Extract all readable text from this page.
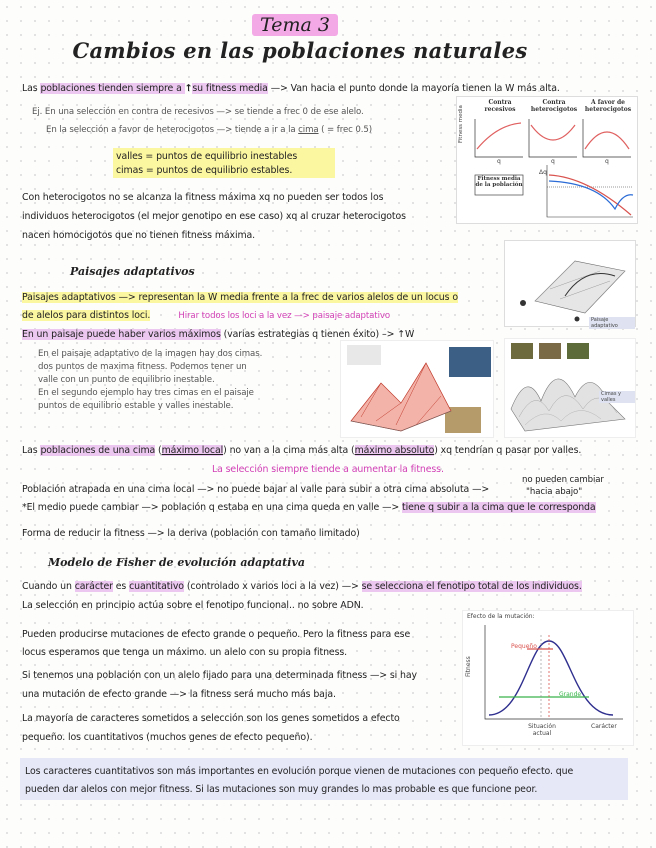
Tema 3
Cambios en las poblaciones naturales
Las poblaciones tienden siempre a ↑su fitness media —> Van hacia el punto donde la mayoría tienen la W más alta.
Ej. En una selección en contra de recesivos —> se tiende a frec 0 de ese alelo.
En la selección a favor de heterocigotos —> tiende a ir a la cima ( = frec 0.5)
valles = puntos de equilibrio inestables
cimas = puntos de equilibrio estables.
Con heterocigotos no se alcanza la fitness máxima xq no pueden ser todos los
individuos heterocigotos (el mejor genotipo en ese caso) xq al cruzar heterocigotos
nacen homocigotos que no tienen fitness máxima.
Contra recesivos
Contra heterocigotos
A favor de heterocigotos
Fitness media
q	q	q
Fitness media de la población
Δq
Paisajes adaptativos
Paisaje adaptativo
Paisajes adaptativos —> representan la W media frente a la frec de varios alelos de un locus o
de alelos para distintos loci.	Hirar todos los loci a la vez —> paisaje adaptativo
En un paisaje puede haber varios máximos (varias estrategias q tienen éxito) –> ↑W
En el paisaje adaptativo de la imagen hay dos cimas.
dos puntos de maxima fitness. Podemos tener un
valle con un punto de equilibrio inestable.
En el segundo ejemplo hay tres cimas en el paisaje
puntos de equilibrio estable y valles inestable.
Cimas y valles
Las poblaciones de una cima (máximo local) no van a la cima más alta (máximo absoluto) xq tendrían q pasar por valles.
La selección siempre tiende a aumentar la fitness.
Población atrapada en una cima local —> no puede bajar al valle para subir a otra cima absoluta —>
no pueden cambiar
"hacia abajo"
*El medio puede cambiar —> población q estaba en una cima queda en valle —> tiene q subir a la cima que le corresponda
Forma de reducir la fitness —> la deriva (población con tamaño limitado)
Modelo de Fisher de evolución adaptativa
Cuando un carácter es cuantitativo (controlado x varios loci a la vez) —> se selecciona el fenotipo total de los individuos.
La selección en principio actúa sobre el fenotipo funcional.. no sobre ADN.
Pueden producirse mutaciones de efecto grande o pequeño. Pero la fitness para ese
locus esperamos que tenga un máximo. un alelo con su propia fitness.
Si tenemos una población con un alelo fijado para una determinada fitness —> si hay
una mutación de efecto grande —> la fitness será mucho más baja.
La mayoría de caracteres sometidos a selección son los genes sometidos a efecto
pequeño. los cuantitativos (muchos genes de efecto pequeño).
Efecto de la mutación:
Pequeño
Grande
Fitness
Situación actual
Carácter
Los caracteres cuantitativos son más importantes en evolución porque vienen de mutaciones con pequeño efecto. que
pueden dar alelos con mejor fitness. Si las mutaciones son muy grandes lo mas probable es que funcione peor.
